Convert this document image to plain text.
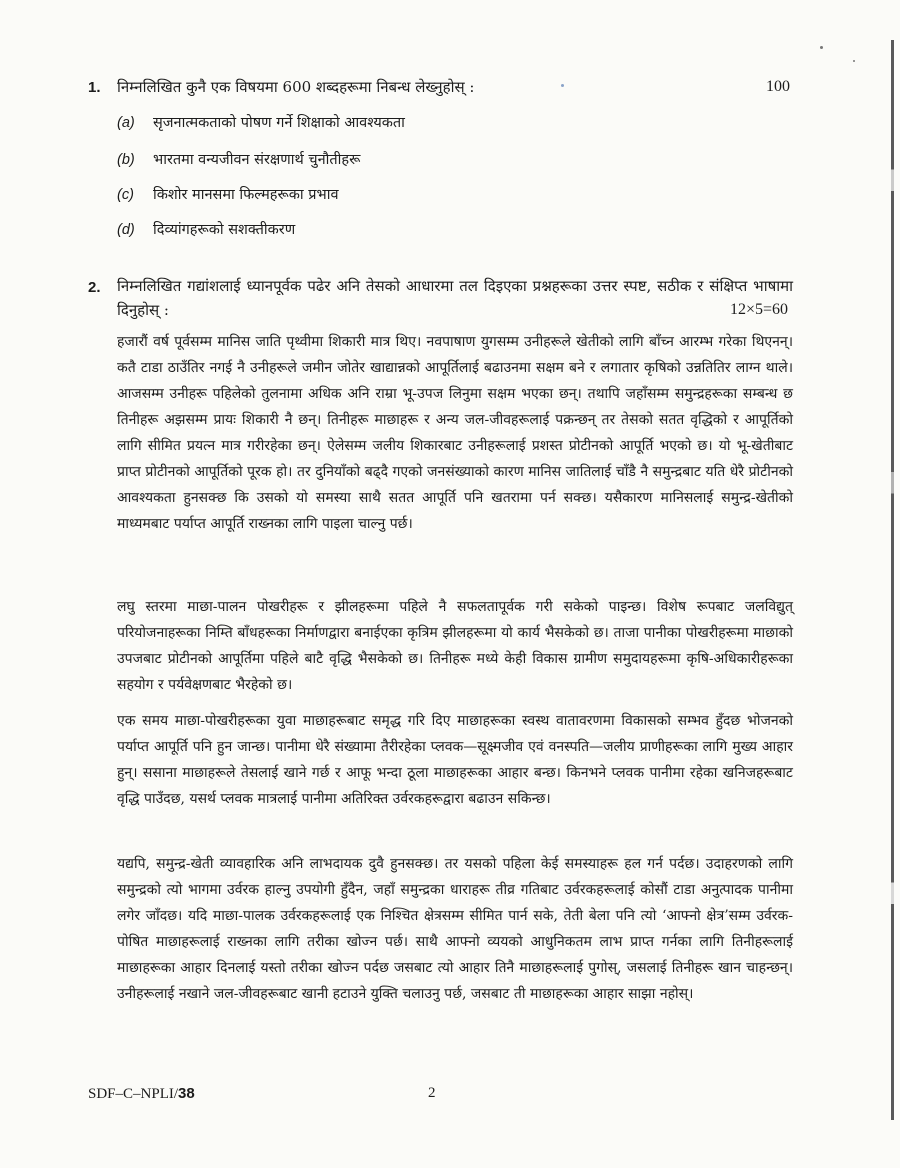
1. निम्नलिखित कुनै एक विषयमा 600 शब्दहरूमा निबन्ध लेख्नुहोस् :	100
(a) सृजनात्मकताको पोषण गर्ने शिक्षाको आवश्यकता
(b) भारतमा वन्यजीवन संरक्षणार्थ चुनौतीहरू
(c) किशोर मानसमा फिल्महरूका प्रभाव
(d) दिव्यांगहरूको सशक्तीकरण
2. निम्नलिखित गद्यांशलाई ध्यानपूर्वक पढेर अनि तेसको आधारमा तल दिइएका प्रश्नहरूका उत्तर स्पष्ट, सठीक र संक्षिप्त भाषामा दिनुहोस् :	12×5=60
हजारौं वर्ष पूर्वसम्म मानिस जाति पृथ्वीमा शिकारी मात्र थिए। नवपाषाण युगसम्म उनीहरूले खेतीको लागि बाँच्न आरम्भ गरेका थिएनन्। कतै टाडा ठाउँतिर नगई नै उनीहरूले जमीन जोतेर खाद्यान्नको आपूर्तिलाई बढाउनमा सक्षम बने र लगातार कृषिको उन्नतितिर लाग्न थाले। आजसम्म उनीहरू पहिलेको तुलनामा अधिक अनि राम्रा भू-उपज लिनुमा सक्षम भएका छन्। तथापि जहाँसम्म समुन्द्रहरूका सम्बन्ध छ तिनीहरू अझसम्म प्रायः शिकारी नै छन्। तिनीहरू माछाहरू र अन्य जल-जीवहरूलाई पक्रन्छन् तर तेसको सतत वृद्धिको र आपूर्तिको लागि सीमित प्रयत्न मात्र गरीरहेका छन्। ऐलेसम्म जलीय शिकारबाट उनीहरूलाई प्रशस्त प्रोटीनको आपूर्ति भएको छ। यो भू-खेतीबाट प्राप्त प्रोटीनको आपूर्तिको पूरक हो। तर दुनियाँको बढ्दै गएको जनसंख्याको कारण मानिस जातिलाई चाँडै नै समुन्द्रबाट यति धेरै प्रोटीनको आवश्यकता हुनसक्छ कि उसको यो समस्या साथै सतत आपूर्ति पनि खतरामा पर्न सक्छ। यसैकारण मानिसलाई समुन्द्र-खेतीको माध्यमबाट पर्याप्त आपूर्ति राख्नका लागि पाइला चाल्नु पर्छ।
लघु स्तरमा माछा-पालन पोखरीहरू र झीलहरूमा पहिले नै सफलतापूर्वक गरी सकेको पाइन्छ। विशेष रूपबाट जलविद्युत् परियोजनाहरूका निम्ति बाँधहरूका निर्माणद्वारा बनाईएका कृत्रिम झीलहरूमा यो कार्य भैसकेको छ। ताजा पानीका पोखरीहरूमा माछाको उपजबाट प्रोटीनको आपूर्तिमा पहिले बाटै वृद्धि भैसकेको छ। तिनीहरू मध्ये केही विकास ग्रामीण समुदायहरूमा कृषि-अधिकारीहरूका सहयोग र पर्यवेक्षणबाट भैरहेको छ।
एक समय माछा-पोखरीहरूका युवा माछाहरूबाट समृद्ध गरि दिए माछाहरूका स्वस्थ वातावरणमा विकासको सम्भव हुँदछ भोजनको पर्याप्त आपूर्ति पनि हुन जान्छ। पानीमा धेरै संख्यामा तैरीरहेका प्लवक—सूक्ष्मजीव एवं वनस्पति—जलीय प्राणीहरूका लागि मुख्य आहार हुन्। ससाना माछाहरूले तेसलाई खाने गर्छ र आफू भन्दा ठूला माछाहरूका आहार बन्छ। किनभने प्लवक पानीमा रहेका खनिजहरूबाट वृद्धि पाउँदछ, यसर्थ प्लवक मात्रलाई पानीमा अतिरिक्त उर्वरकहरूद्वारा बढाउन सकिन्छ।
यद्यपि, समुन्द्र-खेती व्यावहारिक अनि लाभदायक दुवै हुनसक्छ। तर यसको पहिला केई समस्याहरू हल गर्न पर्दछ। उदाहरणको लागि समुन्द्रको त्यो भागमा उर्वरक हाल्नु उपयोगी हुँदैन, जहाँ समुन्द्रका धाराहरू तीव्र गतिबाट उर्वरकहरूलाई कोसौं टाडा अनुत्पादक पानीमा लगेर जाँदछ। यदि माछा-पालक उर्वरकहरूलाई एक निश्चित क्षेत्रसम्म सीमित पार्न सके, तेती बेला पनि त्यो ‘आफ्नो क्षेत्र’सम्म उर्वरक-पोषित माछाहरूलाई राख्नका लागि तरीका खोज्न पर्छ। साथै आफ्नो व्ययको आधुनिकतम लाभ प्राप्त गर्नका लागि तिनीहरूलाई माछाहरूका आहार दिनलाई यस्तो तरीका खोज्न पर्दछ जसबाट त्यो आहार तिनै माछाहरूलाई पुगोस्, जसलाई तिनीहरू खान चाहन्छन्। उनीहरूलाई नखाने जल-जीवहरूबाट खानी हटाउने युक्ति चलाउनु पर्छ, जसबाट ती माछाहरूका आहार साझा नहोस्।
SDF–C–NPLI/38	2
